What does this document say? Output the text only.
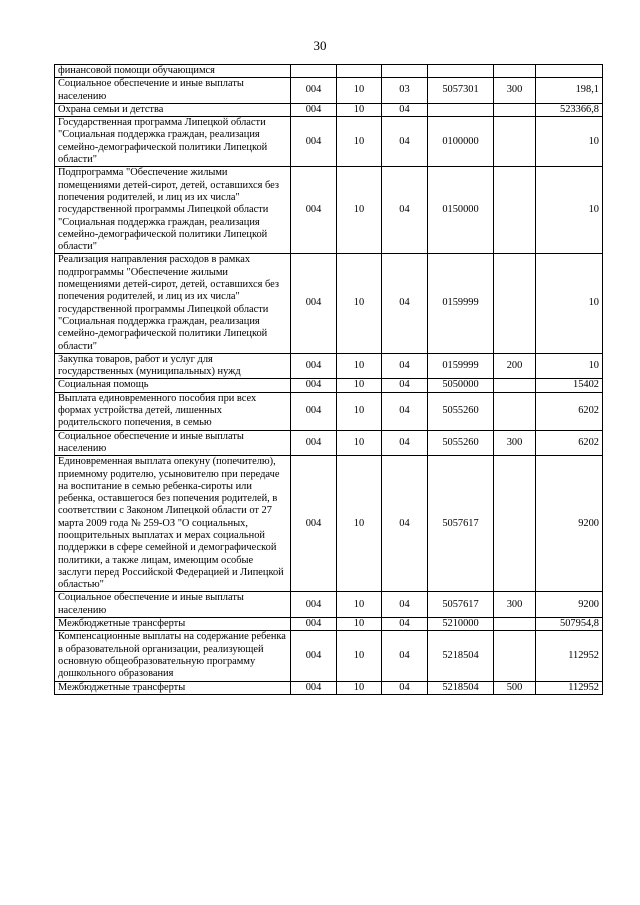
30
финансовой помощи обучающимся						
Социальное обеспечение и иные выплаты населению	004	10	03	5057301	300	198,1
Охрана семьи и детства	004	10	04			523366,8
Государственная программа Липецкой области "Социальная поддержка граждан, реализация семейно-демографической политики Липецкой области"	004	10	04	0100000		10
Подпрограмма "Обеспечение жилыми помещениями детей-сирот, детей, оставшихся без попечения родителей, и лиц из их числа" государственной программы Липецкой области "Социальная поддержка граждан, реализация семейно-демографической политики Липецкой области"	004	10	04	0150000		10
Реализация направления расходов в рамках подпрограммы "Обеспечение жилыми помещениями детей-сирот, детей, оставшихся без попечения родителей, и лиц из их числа" государственной программы Липецкой области "Социальная поддержка граждан, реализация семейно-демографической политики Липецкой области"	004	10	04	0159999		10
Закупка товаров, работ и услуг для государственных (муниципальных) нужд	004	10	04	0159999	200	10
Социальная помощь	004	10	04	5050000		15402
Выплата единовременного пособия при всех формах устройства детей, лишенных родительского попечения, в семью	004	10	04	5055260		6202
Социальное обеспечение и иные выплаты населению	004	10	04	5055260	300	6202
Единовременная выплата опекуну (попечителю), приемному родителю, усыновителю при передаче на воспитание в семью ребенка-сироты или ребенка, оставшегося без попечения родителей, в соответствии с Законом Липецкой области от 27 марта 2009 года № 259-ОЗ "О социальных, поощрительных выплатах и мерах социальной поддержки в сфере семейной и демографической политики, а также лицам, имеющим особые заслуги перед Российской Федерацией и Липецкой областью"	004	10	04	5057617		9200
Социальное обеспечение и иные выплаты населению	004	10	04	5057617	300	9200
Межбюджетные трансферты	004	10	04	5210000		507954,8
Компенсационные выплаты на содержание ребенка в образовательной организации, реализующей основную общеобразовательную программу дошкольного образования	004	10	04	5218504		112952
Межбюджетные трансферты	004	10	04	5218504	500	112952
